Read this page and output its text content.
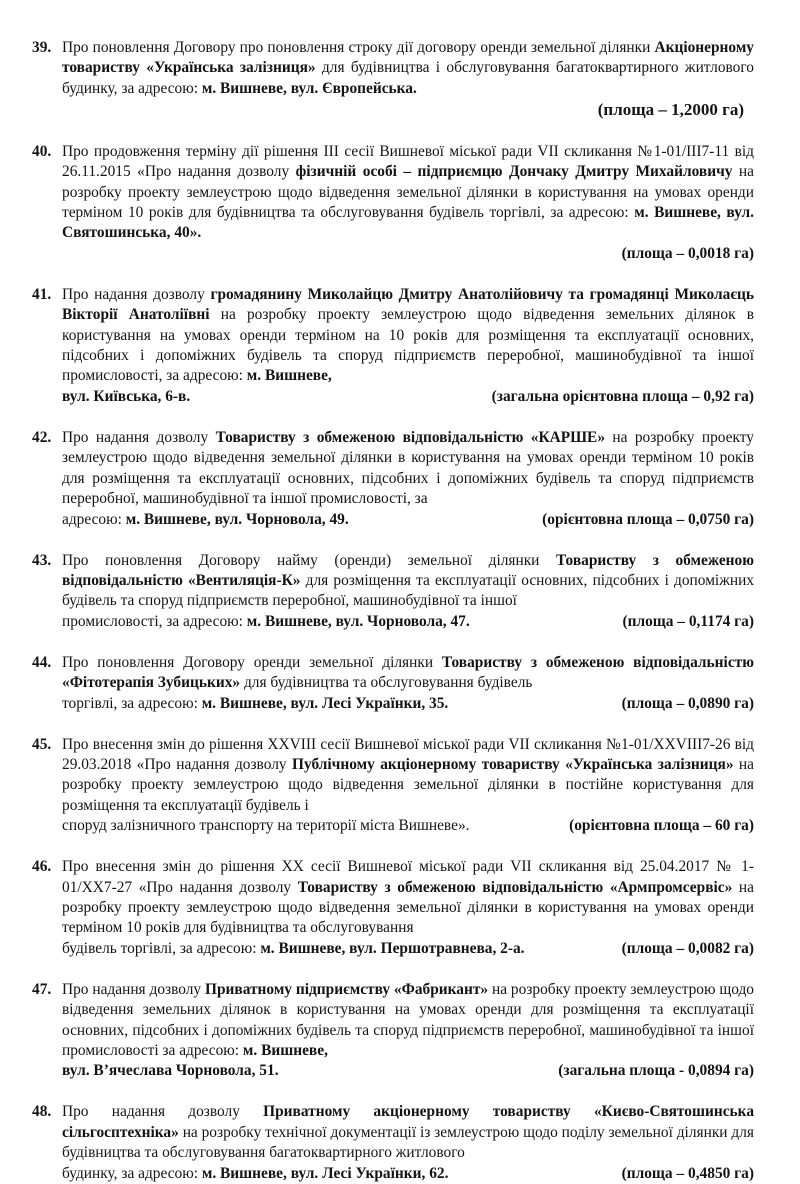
39. Про поновлення Договору про поновлення строку дії договору оренди земельної ділянки Акціонерному товариству «Українська залізниця» для будівництва і обслуговування багатоквартирного житлового будинку, за адресою: м. Вишневе, вул. Європейська.
(площа – 1,2000 га)
40. Про продовження терміну дії рішення ІІІ сесії Вишневої міської ради VІІ скликання №1-01/ІІІ7-11 від 26.11.2015 «Про надання дозволу фізичній особі – підприємцю Дончаку Дмитру Михайловичу на розробку проекту землеустрою щодо відведення земельної ділянки в користування на умовах оренди терміном 10 років для будівництва та обслуговування будівель торгівлі, за адресою: м. Вишневе, вул. Святошинська, 40».
(площа – 0,0018 га)
41. Про надання дозволу громадянину Миколайцю Дмитру Анатолійовичу та громадянці Миколаєць Вікторії Анатоліївні на розробку проекту землеустрою щодо відведення земельних ділянок в користування на умовах оренди терміном на 10 років для розміщення та експлуатації основних, підсобних і допоміжних будівель та споруд підприємств переробної, машинобудівної та іншої промисловості, за адресою: м. Вишневе,
вул. Київська, 6-в.	(загальна орієнтовна площа – 0,92 га)
42. Про надання дозволу Товариству з обмеженою відповідальністю «КАРШЕ» на розробку проекту землеустрою щодо відведення земельної ділянки в користування на умовах оренди терміном 10 років для розміщення та експлуатації основних, підсобних і допоміжних будівель та споруд підприємств переробної, машинобудівної та іншої промисловості, за
адресою: м. Вишневе, вул. Чорновола, 49.	(орієнтовна площа – 0,0750 га)
43. Про поновлення Договору найму (оренди) земельної ділянки Товариству з обмеженою відповідальністю «Вентиляція-К» для розміщення та експлуатації основних, підсобних і допоміжних будівель та споруд підприємств переробної, машинобудівної та іншої
промисловості, за адресою: м. Вишневе, вул. Чорновола, 47.	(площа – 0,1174 га)
44. Про поновлення Договору оренди земельної ділянки Товариству з обмеженою відповідальністю «Фітотерапія Зубицьких» для будівництва та обслуговування будівель
торгівлі, за адресою: м. Вишневе, вул. Лесі Українки, 35.	(площа – 0,0890 га)
45. Про внесення змін до рішення XXVIII сесії Вишневої міської ради VII скликання №1-01/XXVIII7-26 від 29.03.2018 «Про надання дозволу Публічному акціонерному товариству «Українська залізниця» на розробку проекту землеустрою щодо відведення земельної ділянки в постійне користування для розміщення та експлуатації будівель і
споруд залізничного транспорту на території міста Вишневе».	(орієнтовна площа – 60 га)
46. Про внесення змін до рішення XX сесії Вишневої міської ради VII скликання від 25.04.2017 № 1-01/XX7-27 «Про надання дозволу Товариству з обмеженою відповідальністю «Армпромсервіс» на розробку проекту землеустрою щодо відведення земельної ділянки в користування на умовах оренди терміном 10 років для будівництва та обслуговування
будівель торгівлі, за адресою: м. Вишневе, вул. Першотравнева, 2-а.	(площа – 0,0082 га)
47. Про надання дозволу Приватному підприємству «Фабрикант» на розробку проекту землеустрою щодо відведення земельних ділянок в користування на умовах оренди для розміщення та експлуатації основних, підсобних і допоміжних будівель та споруд підприємств переробної, машинобудівної та іншої промисловості за адресою: м. Вишневе,
вул. В’ячеслава Чорновола, 51.	(загальна площа - 0,0894 га)
48. Про надання дозволу Приватному акціонерному товариству «Києво-Святошинська сільгосптехніка» на розробку технічної документації із землеустрою щодо поділу земельної ділянки для будівництва та обслуговування багатоквартирного житлового
будинку, за адресою: м. Вишневе, вул. Лесі Українки, 62.	(площа – 0,4850 га)
